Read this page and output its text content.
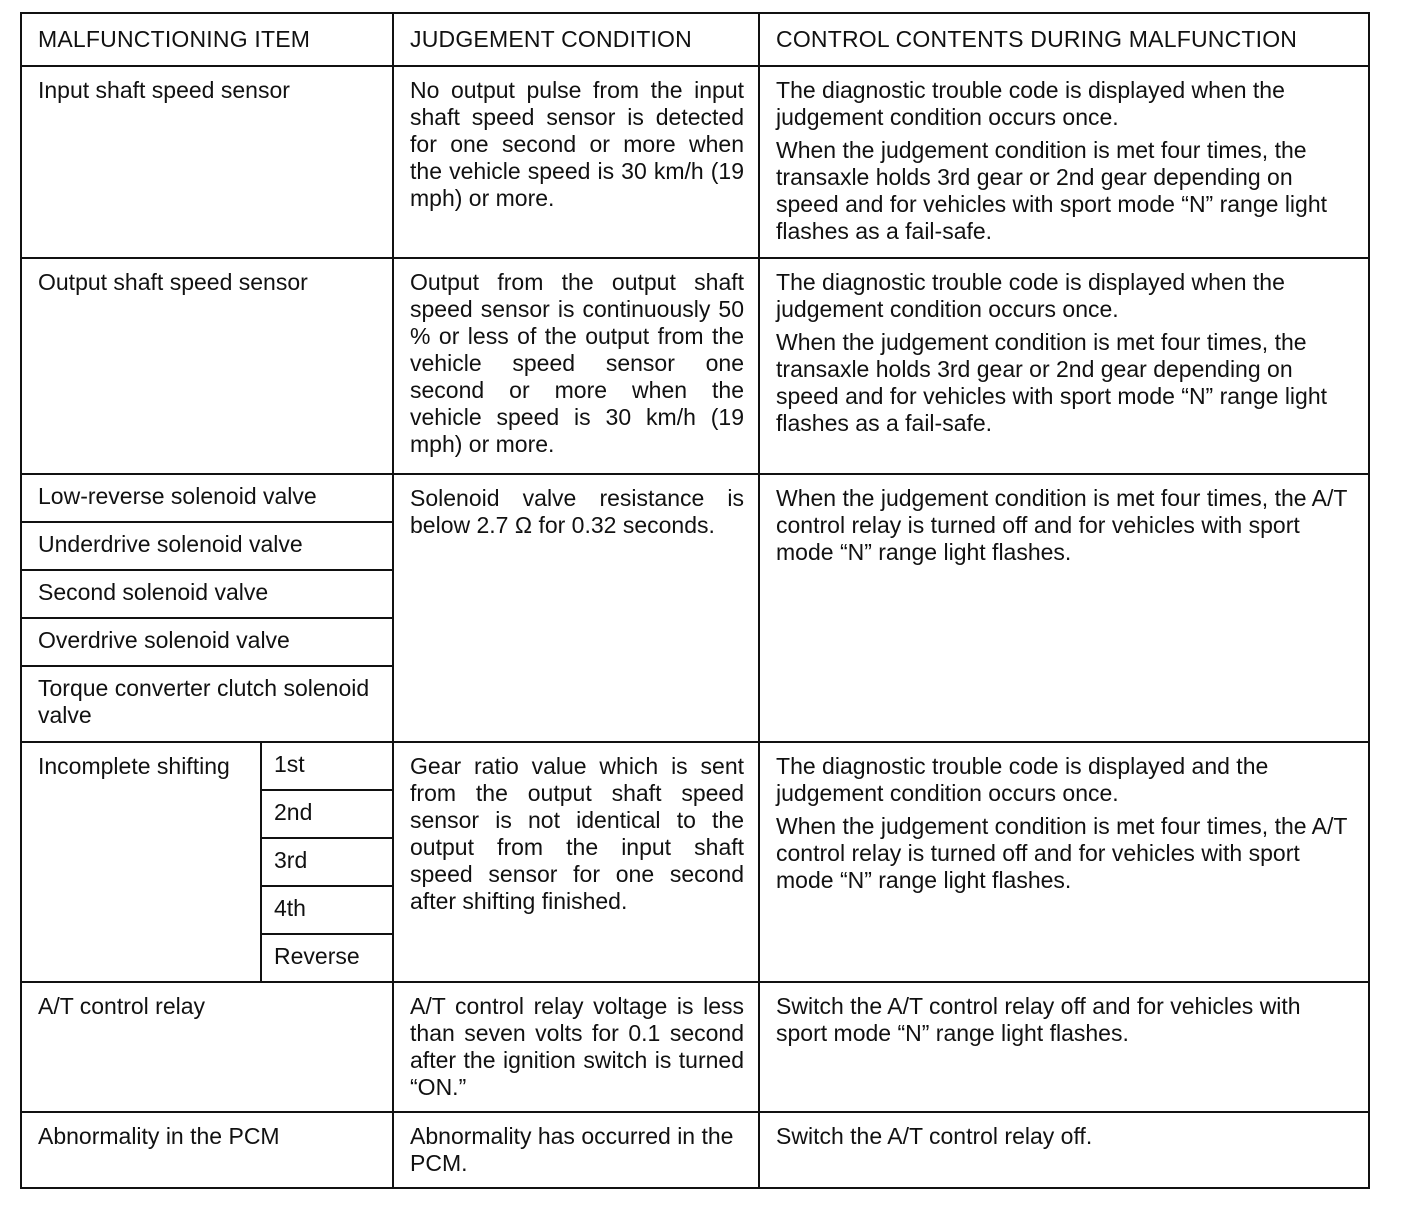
MALFUNCTIONING ITEM		JUDGEMENT CONDITION	CONTROL CONTENTS DURING MALFUNCTION
Input shaft speed sensor		No output pulse from the input shaft speed sensor is detected for one second or more when the vehicle speed is 30 km/h (19 mph) or more.	The diagnostic trouble code is displayed when the judgement condition occurs once.
When the judgement condition is met four times, the transaxle holds 3rd gear or 2nd gear depending on speed and for vehicles with sport mode “N” range light flashes as a fail-safe.

Output shaft speed sensor		Output from the output shaft speed sensor is continuously 50 % or less of the output from the vehicle speed sensor one second or more when the vehicle speed is 30 km/h (19 mph) or more.	The diagnostic trouble code is displayed when the judgement condition occurs once.
When the judgement condition is met four times, the transaxle holds 3rd gear or 2nd gear depending on speed and for vehicles with sport mode “N” range light flashes as a fail-safe.

Low-reverse solenoid valve		Solenoid valve resistance is below 2.7 Ω for 0.32 seconds.	When the judgement condition is met four times, the A/T control relay is turned off and for vehicles with sport mode “N” range light flashes.
Underdrive solenoid valve			
Second solenoid valve			
Overdrive solenoid valve			
Torque converter clutch solenoid valve			
Incomplete shifting	1st	Gear ratio value which is sent from the output shaft speed sensor is not identical to the output from the input shaft speed sensor for one second after shifting finished.	The diagnostic trouble code is displayed and the judgement condition occurs once.
When the judgement condition is met four times, the A/T control relay is turned off and for vehicles with sport mode “N” range light flashes.

	2nd		
	3rd		
	4th		
	Reverse		
A/T control relay		A/T control relay voltage is less than seven volts for 0.1 second after the ignition switch is turned “ON.”	Switch the A/T control relay off and for vehicles with sport mode “N” range light flashes.
Abnormality in the PCM		Abnormality has occurred in the PCM.	Switch the A/T control relay off.
